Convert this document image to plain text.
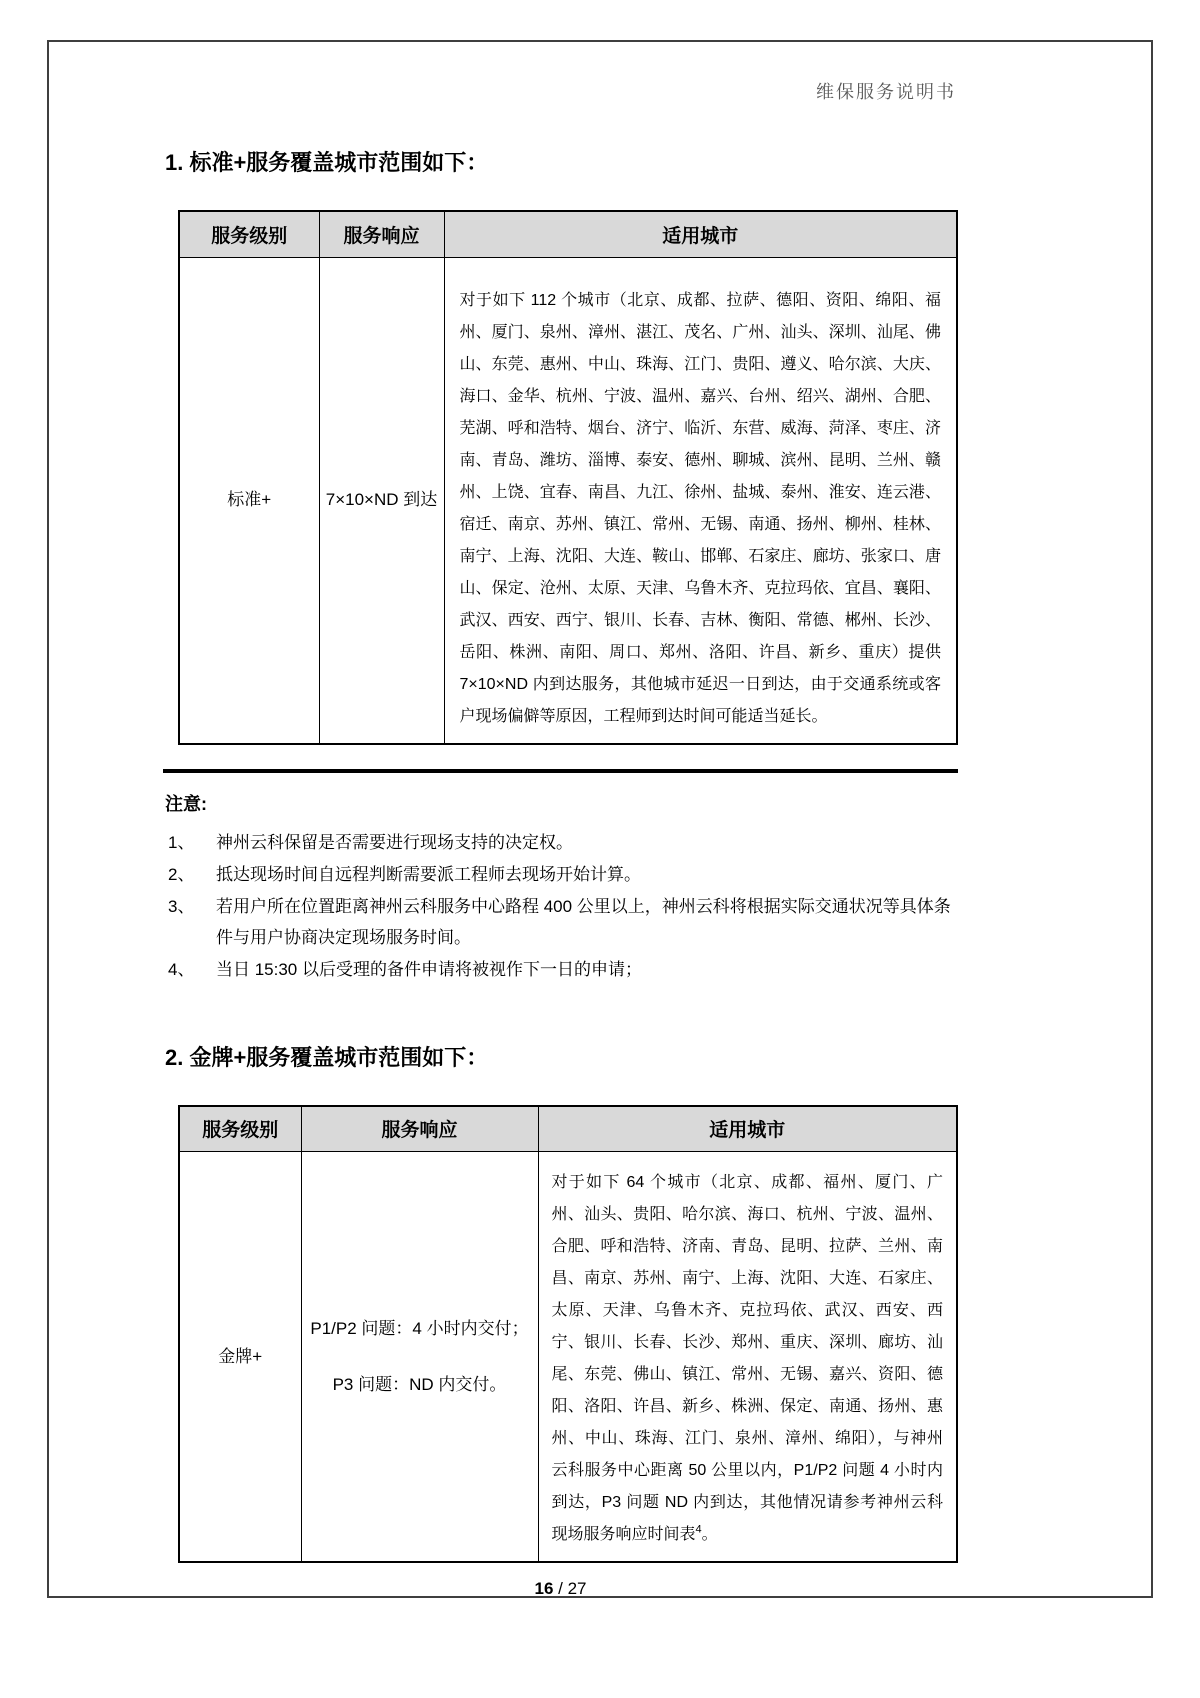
维保服务说明书
1. 标准+服务覆盖城市范围如下：
服务级别	服务响应	适用城市
标准+	7×10×ND 到达	对于如下 112 个城市（北京、成都、拉萨、德阳、资阳、绵阳、福州、厦门、泉州、漳州、湛江、茂名、广州、汕头、深圳、汕尾、佛山、东莞、惠州、中山、珠海、江门、贵阳、遵义、哈尔滨、大庆、海口、金华、杭州、宁波、温州、嘉兴、台州、绍兴、湖州、合肥、芜湖、呼和浩特、烟台、济宁、临沂、东营、威海、菏泽、枣庄、济南、青岛、潍坊、淄博、泰安、德州、聊城、滨州、昆明、兰州、赣州、上饶、宜春、南昌、九江、徐州、盐城、泰州、淮安、连云港、宿迁、南京、苏州、镇江、常州、无锡、南通、扬州、柳州、桂林、南宁、上海、沈阳、大连、鞍山、邯郸、石家庄、廊坊、张家口、唐山、保定、沧州、太原、天津、乌鲁木齐、克拉玛依、宜昌、襄阳、武汉、西安、西宁、银川、长春、吉林、衡阳、常德、郴州、长沙、岳阳、株洲、南阳、周口、郑州、洛阳、许昌、新乡、重庆）提供 7×10×ND 内到达服务，其他城市延迟一日到达，由于交通系统或客户现场偏僻等原因，工程师到达时间可能适当延长。
注意:
1、	神州云科保留是否需要进行现场支持的决定权。
2、	抵达现场时间自远程判断需要派工程师去现场开始计算。
3、	若用户所在位置距离神州云科服务中心路程 400 公里以上，神州云科将根据实际交通状况等具体条件与用户协商决定现场服务时间。
4、	当日 15:30 以后受理的备件申请将被视作下一日的申请；
2. 金牌+服务覆盖城市范围如下：
服务级别	服务响应	适用城市
金牌+	P1/P2 问题：4 小时内交付；
P3 问题：ND 内交付。	对于如下 64 个城市（北京、成都、福州、厦门、广州、汕头、贵阳、哈尔滨、海口、杭州、宁波、温州、合肥、呼和浩特、济南、青岛、昆明、拉萨、兰州、南昌、南京、苏州、南宁、上海、沈阳、大连、石家庄、太原、天津、乌鲁木齐、克拉玛依、武汉、西安、西宁、银川、长春、长沙、郑州、重庆、深圳、廊坊、汕尾、东莞、佛山、镇江、常州、无锡、嘉兴、资阳、德阳、洛阳、许昌、新乡、株洲、保定、南通、扬州、惠州、中山、珠海、江门、泉州、漳州、绵阳），与神州云科服务中心距离 50 公里以内，P1/P2 问题 4 小时内到达，P3 问题 ND 内到达，其他情况请参考神州云科现场服务响应时间表$^4$。
16 / 27
